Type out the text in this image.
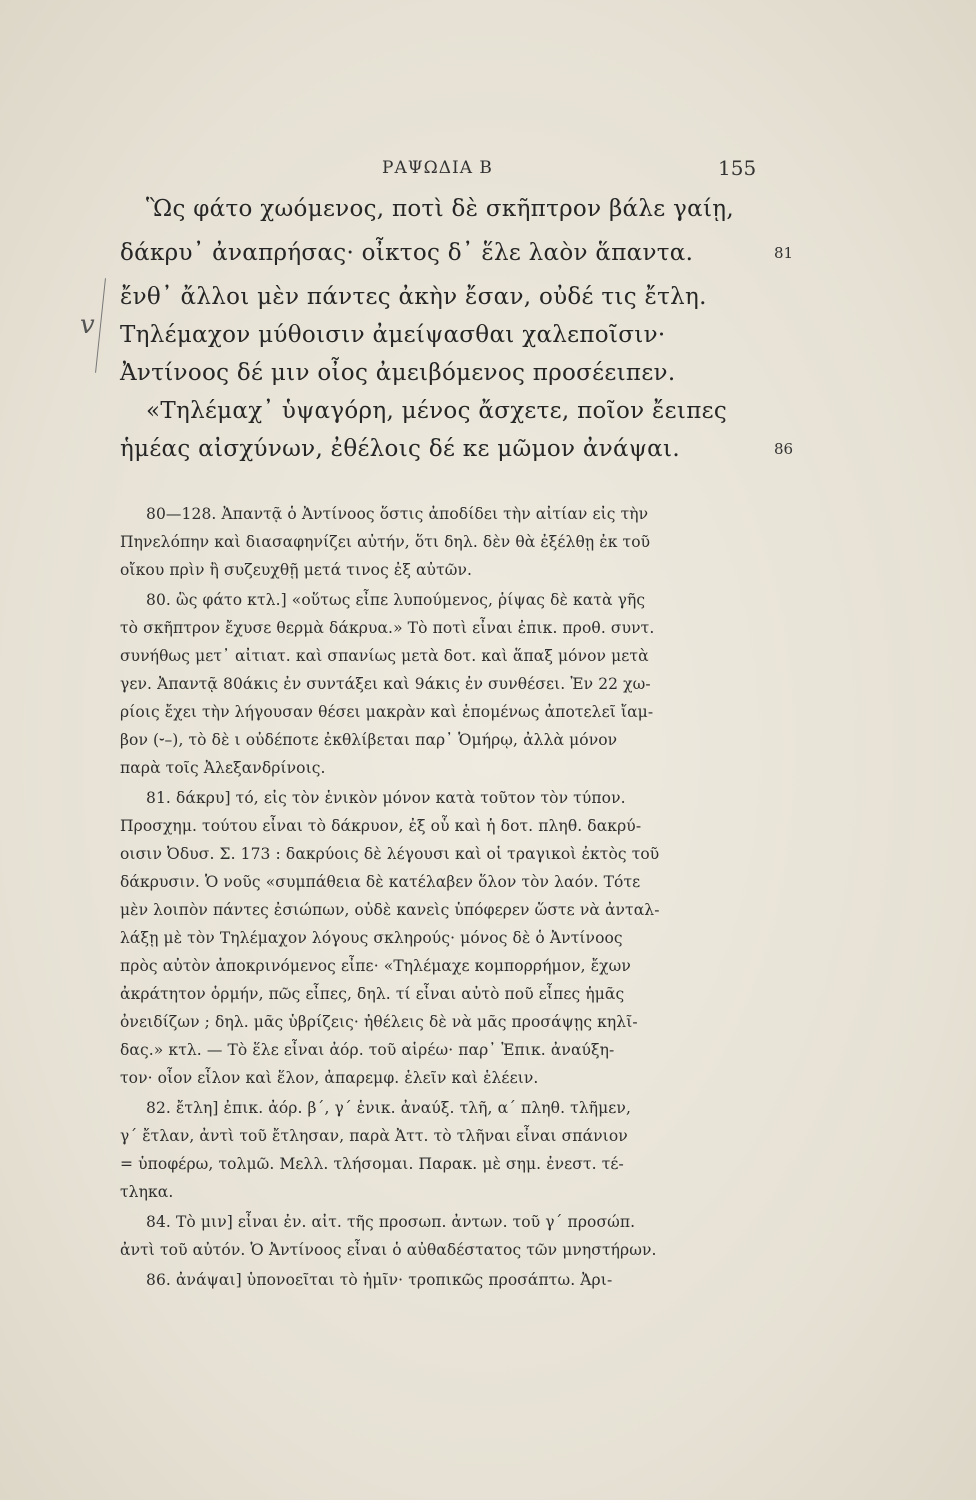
ΡΑΨΩΔΙΑ Β	155
v
Ὣς φάτο χωόμενος, ποτὶ δὲ σκῆπτρον βάλε γαίῃ,
δάκρυ᾽ ἀναπρήσας· οἶκτος δ᾽ ἕλε λαὸν ἅπαντα.	81
ἔνθ᾽ ἄλλοι μὲν πάντες ἀκὴν ἔσαν, οὐδέ τις ἔτλη.
Τηλέμαχον μύθοισιν ἀμείψασθαι χαλεποῖσιν·
Ἀντίνοος δέ μιν οἶος ἀμειβόμενος προσέειπεν.
«Τηλέμαχ᾽ ὑψαγόρη, μένος ἄσχετε, ποῖον ἔειπες
ἡμέας αἰσχύνων, ἐθέλοις δέ κε μῶμον ἀνάψαι.	86
80—128. Ἀπαντᾷ ὁ Ἀντίνοος ὅστις ἀποδίδει τὴν αἰτίαν εἰς τὴν
Πηνελόπην καὶ διασαφηνίζει αὐτήν, ὅτι δηλ. δὲν θὰ ἐξέλθῃ ἐκ τοῦ
οἴκου πρὶν ἢ συζευχθῇ μετά τινος ἐξ αὐτῶν.
80. ὣς φάτο κτλ.] «οὕτως εἶπε λυπούμενος, ῥίψας δὲ κατὰ γῆς
τὸ σκῆπτρον ἔχυσε θερμὰ δάκρυα.» Τὸ ποτὶ εἶναι ἐπικ. προθ. συντ.
συνήθως μετ᾽ αἰτιατ. καὶ σπανίως μετὰ δοτ. καὶ ἅπαξ μόνον μετὰ
γεν. Ἀπαντᾷ 80άκις ἐν συντάξει καὶ 9άκις ἐν συνθέσει. Ἐν 22 χω-
ρίοις ἔχει τὴν λήγουσαν θέσει μακρὰν καὶ ἑπομένως ἀποτελεῖ ἴαμ-
βον (⏑–), τὸ δὲ ι οὐδέποτε ἐκθλίβεται παρ᾽ Ὁμήρῳ, ἀλλὰ μόνον
παρὰ τοῖς Ἀλεξανδρίνοις.
81. δάκρυ] τό, εἰς τὸν ἑνικὸν μόνον κατὰ τοῦτον τὸν τύπον.
Προσχημ. τούτου εἶναι τὸ δάκρυον, ἐξ οὗ καὶ ἡ δοτ. πληθ. δακρύ-
οισιν Ὀδυσ. Σ. 173 : δακρύοις δὲ λέγουσι καὶ οἱ τραγικοὶ ἐκτὸς τοῦ
δάκρυσιν. Ὁ νοῦς «συμπάθεια δὲ κατέλαβεν ὅλον τὸν λαόν. Τότε
μὲν λοιπὸν πάντες ἐσιώπων, οὐδὲ κανεὶς ὑπόφερεν ὥστε νὰ ἀνταλ-
λάξῃ μὲ τὸν Τηλέμαχον λόγους σκληρούς· μόνος δὲ ὁ Ἀντίνοος
πρὸς αὐτὸν ἀποκρινόμενος εἶπε· «Τηλέμαχε κομπορρήμον, ἔχων
ἀκράτητον ὁρμήν, πῶς εἶπες, δηλ. τί εἶναι αὐτὸ ποῦ εἶπες ἡμᾶς
ὀνειδίζων ; δηλ. μᾶς ὑβρίζεις· ἠθέλεις δὲ νὰ μᾶς προσάψῃς κηλῖ-
δας.» κτλ. — Τὸ ἕλε εἶναι ἀόρ. τοῦ αἱρέω· παρ᾽ Ἐπικ. ἀναύξη-
τον· οἷον εἷλον καὶ ἕλον, ἀπαρεμφ. ἑλεῖν καὶ ἑλέειν.
82. ἔτλη] ἐπικ. ἀόρ. β΄, γ΄ ἑνικ. ἀναύξ. τλῆ, α΄ πληθ. τλῆμεν,
γ΄ ἔτλαν, ἀντὶ τοῦ ἔτλησαν, παρὰ Ἀττ. τὸ τλῆναι εἶναι σπάνιον
= ὑποφέρω, τολμῶ. Μελλ. τλήσομαι. Παρακ. μὲ σημ. ἐνεστ. τέ-
τληκα.
84. Τὸ μιν] εἶναι ἐν. αἰτ. τῆς προσωπ. ἀντων. τοῦ γ΄ προσώπ.
ἀντὶ τοῦ αὐτόν. Ὁ Ἀντίνοος εἶναι ὁ αὐθαδέστατος τῶν μνηστήρων.
86. ἀνάψαι] ὑπονοεῖται τὸ ἡμῖν· τροπικῶς προσάπτω. Ἀρι-
